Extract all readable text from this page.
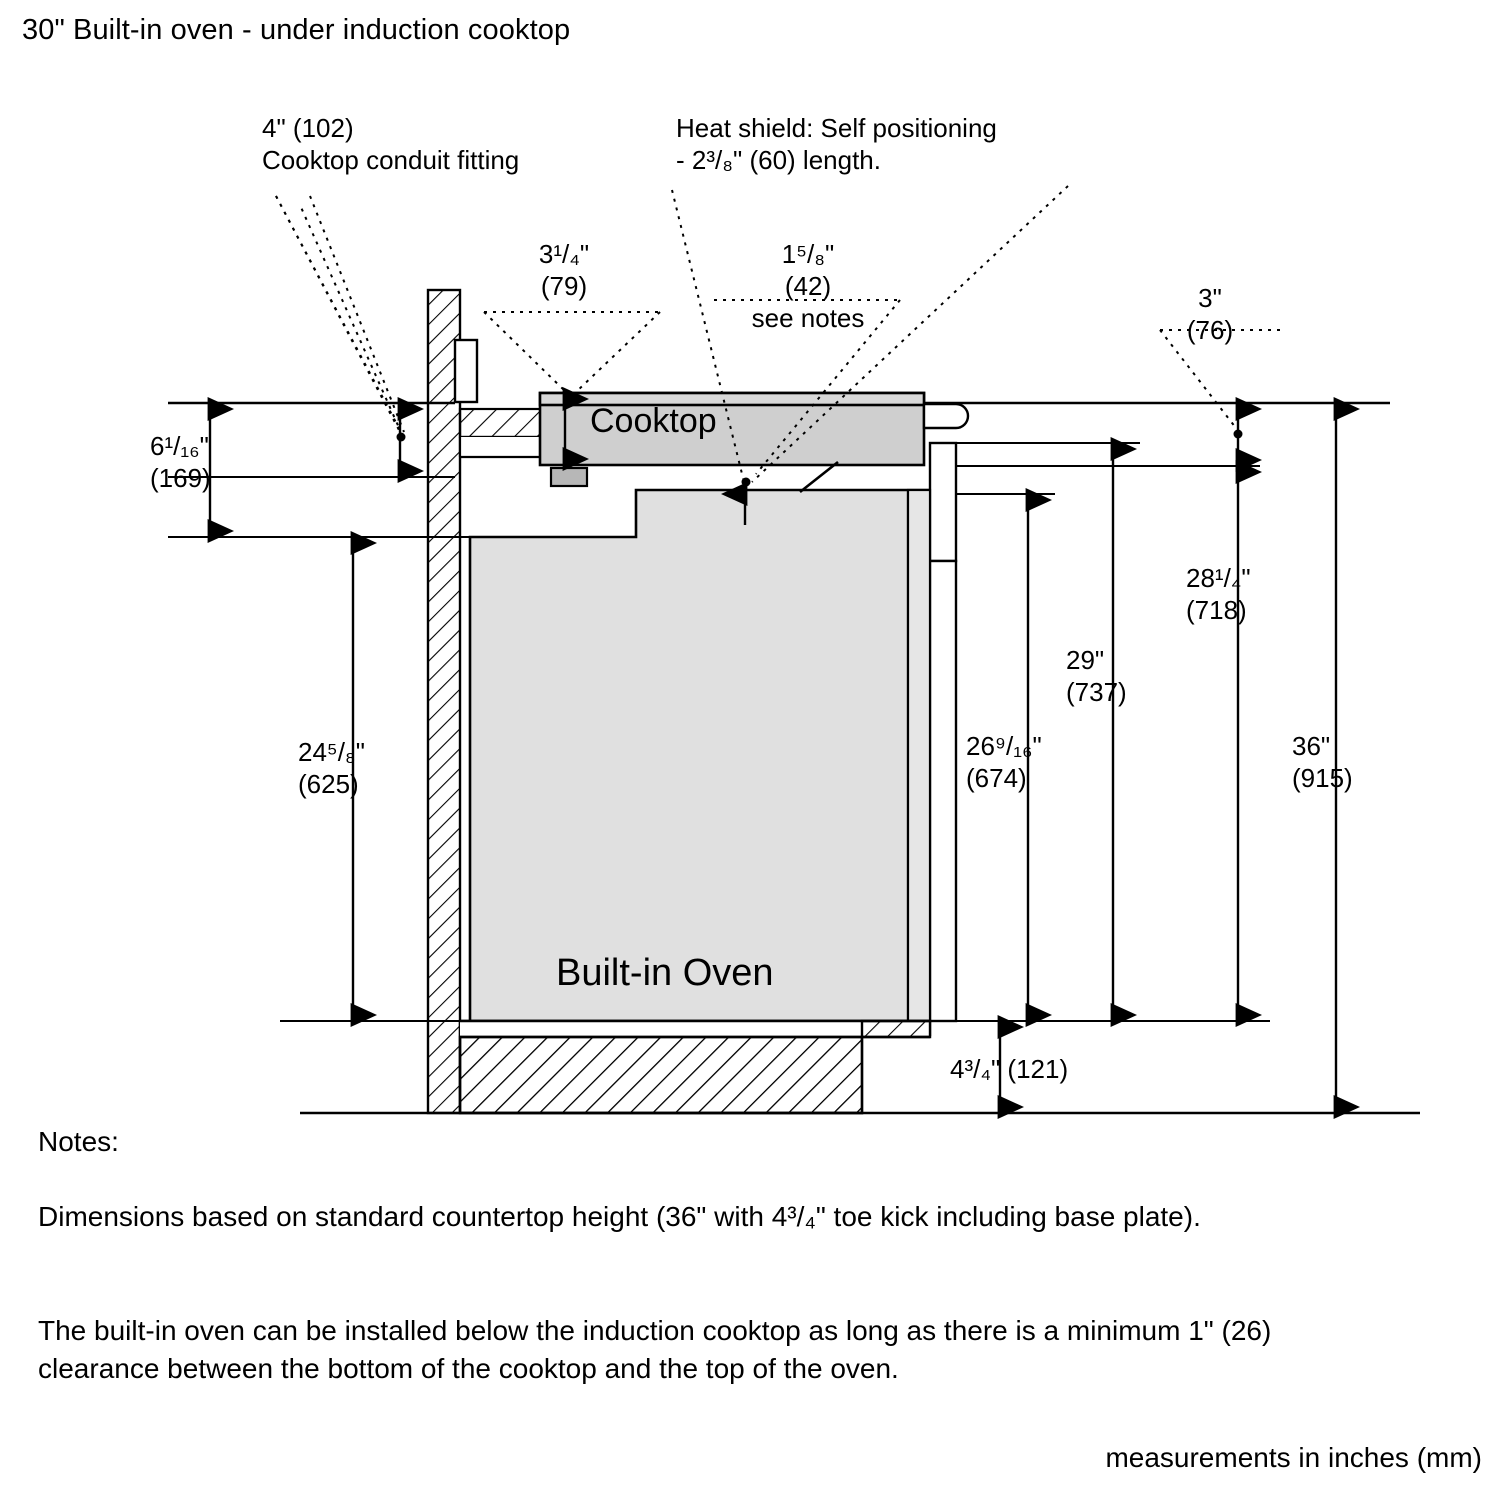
30" Built-in oven - under induction cooktop
4" (102)
Cooktop conduit fitting
Heat shield: Self positioning
- 2³/₈" (60) length.
3¹/₄"
(79)
1⁵/₈"
(42)
see notes
3"
(76)
6¹/₁₆"
(169)
24⁵/₈"
(625)
26⁹/₁₆"
(674)
29"
(737)
28¹/₄"
(718)
36"
(915)
4³/₄" (121)
Cooktop
Built-in Oven
Notes:
Dimensions based on standard countertop height (36" with 4³/₄" toe kick including base plate).
The built-in oven can be installed below the induction cooktop as long as there is a minimum 1" (26) clearance between the bottom of the cooktop and the top of the oven.
measurements in inches (mm)
